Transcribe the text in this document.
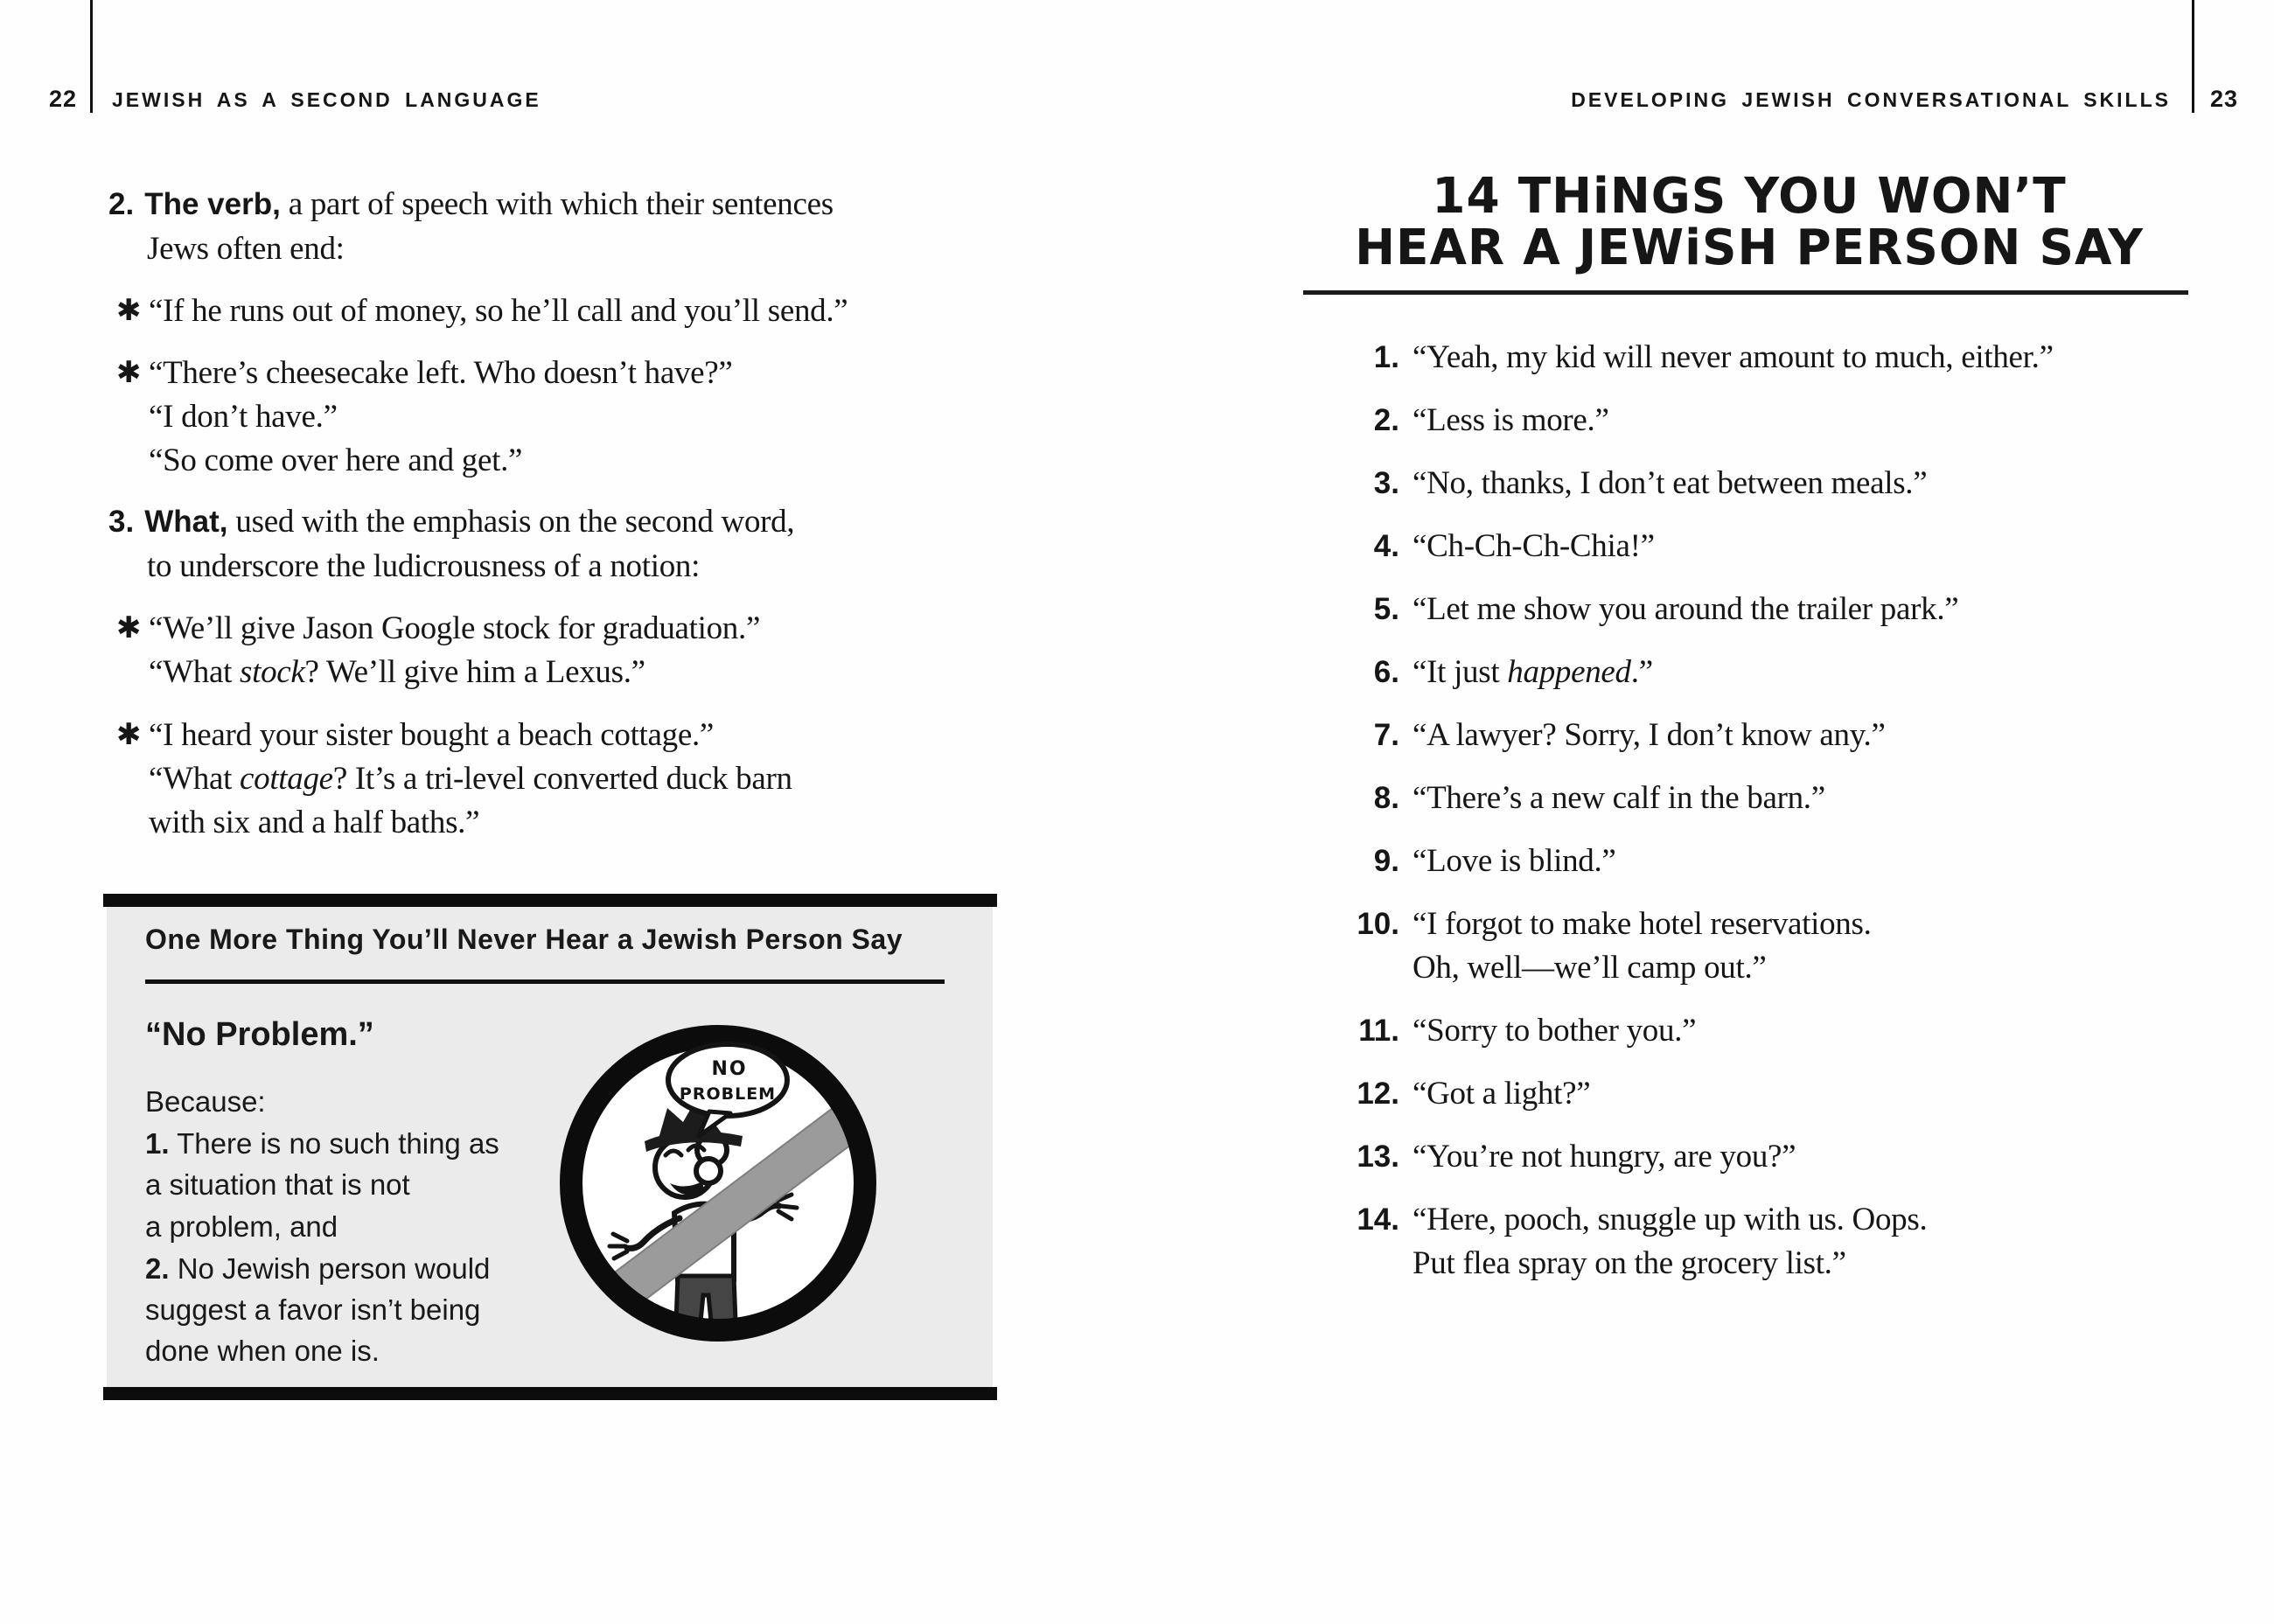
22 JEWISH AS A SECOND LANGUAGE	DEVELOPING JEWISH CONVERSATIONAL SKILLS 23
2. The verb, a part of speech with which their sentences
Jews often end:
✱ “If he runs out of money, so he’ll call and you’ll send.”
✱ “There’s cheesecake left. Who doesn’t have?”
“I don’t have.”
“So come over here and get.”
3. What, used with the emphasis on the second word,
to underscore the ludicrousness of a notion:
✱ “We’ll give Jason Google stock for graduation.”
“What stock? We’ll give him a Lexus.”
✱ “I heard your sister bought a beach cottage.”
“What cottage? It’s a tri-level converted duck barn
with six and a half baths.”
One More Thing You’ll Never Hear a Jewish Person Say
“No Problem.”
Because:
1. There is no such thing as
a situation that is not
a problem, and
2. No Jewish person would
suggest a favor isn’t being
done when one is.
NO
PROBLEM
14 THiNGS YOU WON’T
HEAR A JEWiSH PERSON SAY
1. “Yeah, my kid will never amount to much, either.”
2. “Less is more.”
3. “No, thanks, I don’t eat between meals.”
4. “Ch-Ch-Ch-Chia!”
5. “Let me show you around the trailer park.”
6. “It just happened.”
7. “A lawyer? Sorry, I don’t know any.”
8. “There’s a new calf in the barn.”
9. “Love is blind.”
10. “I forgot to make hotel reservations.
Oh, well—we’ll camp out.”
11. “Sorry to bother you.”
12. “Got a light?”
13. “You’re not hungry, are you?”
14. “Here, pooch, snuggle up with us. Oops.
Put flea spray on the grocery list.”
